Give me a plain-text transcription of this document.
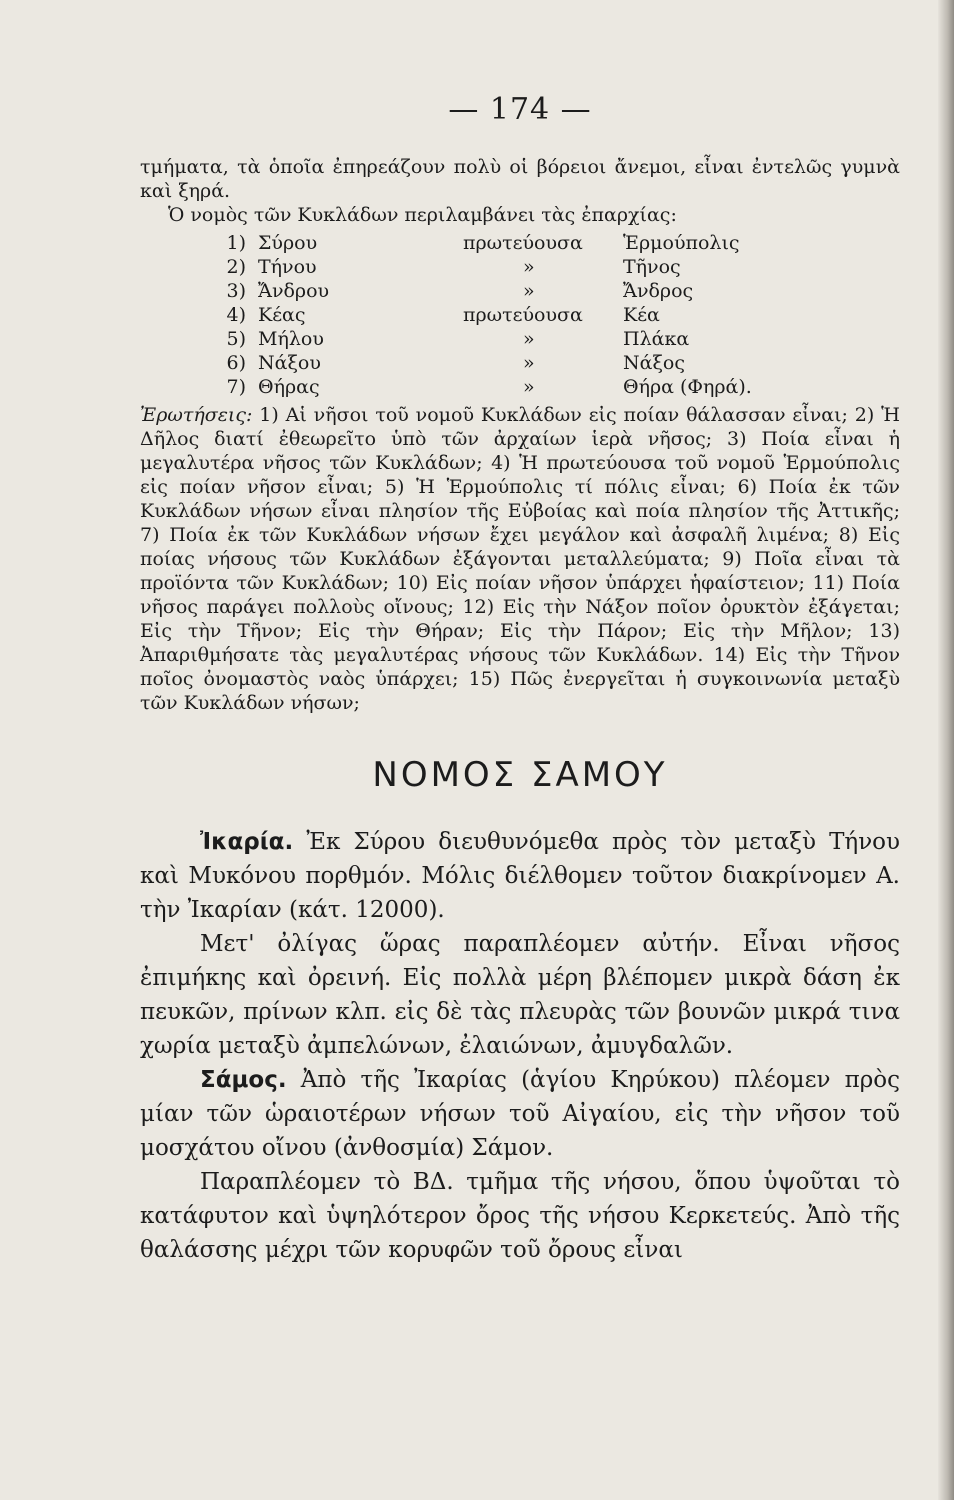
— 174 —

τμήματα, τὰ ὁποῖα ἐπηρεάζουν πολὺ οἱ βόρειοι ἄνεμοι, εἶναι ἐντελῶς γυμνὰ καὶ ξηρά.

Ὁ νομὸς τῶν Κυκλάδων περιλαμβάνει τὰς ἐπαρχίας:

1) Σύρου	πρωτεύουσα	Ἑρμούπολις
2) Τήνου	»	Τῆνος
3) Ἄνδρου	»	Ἄνδρος
4) Κέας	πρωτεύουσα	Κέα
5) Μήλου	»	Πλάκα
6) Νάξου	»	Νάξος
7) Θήρας	»	Θήρα (Φηρά).

Ἐρωτήσεις: 1) Αἱ νῆσοι τοῦ νομοῦ Κυκλάδων εἰς ποίαν θάλασσαν εἶναι; 2) Ἡ Δῆλος διατί ἐθεωρεῖτο ὑπὸ τῶν ἀρχαίων ἱερὰ νῆσος; 3) Ποία εἶναι ἡ μεγαλυτέρα νῆσος τῶν Κυκλάδων; 4) Ἡ πρωτεύουσα τοῦ νομοῦ Ἑρμούπολις εἰς ποίαν νῆσον εἶναι; 5) Ἡ Ἑρμούπολις τί πόλις εἶναι; 6) Ποία ἐκ τῶν Κυκλάδων νήσων εἶναι πλησίον τῆς Εὐβοίας καὶ ποία πλησίον τῆς Ἀττικῆς; 7) Ποία ἐκ τῶν Κυκλάδων νήσων ἔχει μεγάλον καὶ ἀσφαλῆ λιμένα; 8) Εἰς ποίας νήσους τῶν Κυκλάδων ἐξάγονται μεταλλεύματα; 9) Ποῖα εἶναι τὰ προϊόντα τῶν Κυκλάδων; 10) Εἰς ποίαν νῆσον ὑπάρχει ἡφαίστειον; 11) Ποία νῆσος παράγει πολλοὺς οἴνους; 12) Εἰς τὴν Νάξον ποῖον ὀρυκτὸν ἐξάγεται; Εἰς τὴν Τῆνον; Εἰς τὴν Θήραν; Εἰς τὴν Πάρον; Εἰς τὴν Μῆλον; 13) Ἀπαριθμήσατε τὰς μεγαλυτέρας νήσους τῶν Κυκλάδων. 14) Εἰς τὴν Τῆνον ποῖος ὀνομαστὸς ναὸς ὑπάρχει; 15) Πῶς ἐνεργεῖται ἡ συγκοινωνία μεταξὺ τῶν Κυκλάδων νήσων;

ΝΟΜΟΣ ΣΑΜΟΥ

Ἰκαρία. Ἐκ Σύρου διευθυνόμεθα πρὸς τὸν μεταξὺ Τήνου καὶ Μυκόνου πορθμόν. Μόλις διέλθομεν τοῦτον διακρίνομεν Α. τὴν Ἰκαρίαν (κάτ. 12000).

Μετ' ὀλίγας ὥρας παραπλέομεν αὐτήν. Εἶναι νῆσος ἐπιμήκης καὶ ὀρεινή. Εἰς πολλὰ μέρη βλέπομεν μικρὰ δάση ἐκ πευκῶν, πρίνων κλπ. εἰς δὲ τὰς πλευρὰς τῶν βουνῶν μικρά τινα χωρία μεταξὺ ἀμπελώνων, ἐλαιώνων, ἀμυγδαλῶν.

Σάμος. Ἀπὸ τῆς Ἰκαρίας (ἁγίου Κηρύκου) πλέομεν πρὸς μίαν τῶν ὡραιοτέρων νήσων τοῦ Αἰγαίου, εἰς τὴν νῆσον τοῦ μοσχάτου οἴνου (ἀνθοσμία) Σάμον.

Παραπλέομεν τὸ ΒΔ. τμῆμα τῆς νήσου, ὅπου ὑψοῦται τὸ κατάφυτον καὶ ὑψηλότερον ὄρος τῆς νήσου Κερκετεύς. Ἀπὸ τῆς θαλάσσης μέχρι τῶν κορυφῶν τοῦ ὄρους εἶναι
